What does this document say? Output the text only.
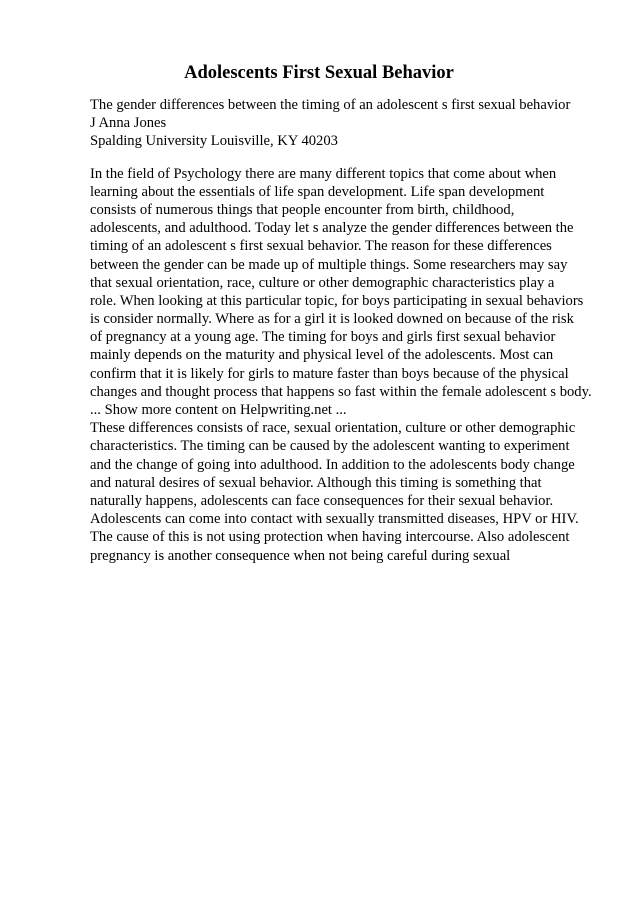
Adolescents First Sexual Behavior
The gender differences between the timing of an adolescent s first sexual behavior
J Anna Jones
Spalding University Louisville, KY 40203
In the field of Psychology there are many different topics that come about when
learning about the essentials of life span development. Life span development
consists of numerous things that people encounter from birth, childhood,
adolescents, and adulthood. Today let s analyze the gender differences between the
timing of an adolescent s first sexual behavior. The reason for these differences
between the gender can be made up of multiple things. Some researchers may say
that sexual orientation, race, culture or other demographic characteristics play a
role. When looking at this particular topic, for boys participating in sexual behaviors
is consider normally. Where as for a girl it is looked downed on because of the risk
of pregnancy at a young age. The timing for boys and girls first sexual behavior
mainly depends on the maturity and physical level of the adolescents. Most can
confirm that it is likely for girls to mature faster than boys because of the physical
changes and thought process that happens so fast within the female adolescent s body.
... Show more content on Helpwriting.net ...
These differences consists of race, sexual orientation, culture or other demographic
characteristics. The timing can be caused by the adolescent wanting to experiment
and the change of going into adulthood. In addition to the adolescents body change
and natural desires of sexual behavior. Although this timing is something that
naturally happens, adolescents can face consequences for their sexual behavior.
Adolescents can come into contact with sexually transmitted diseases, HPV or HIV.
The cause of this is not using protection when having intercourse. Also adolescent
pregnancy is another consequence when not being careful during sexual
